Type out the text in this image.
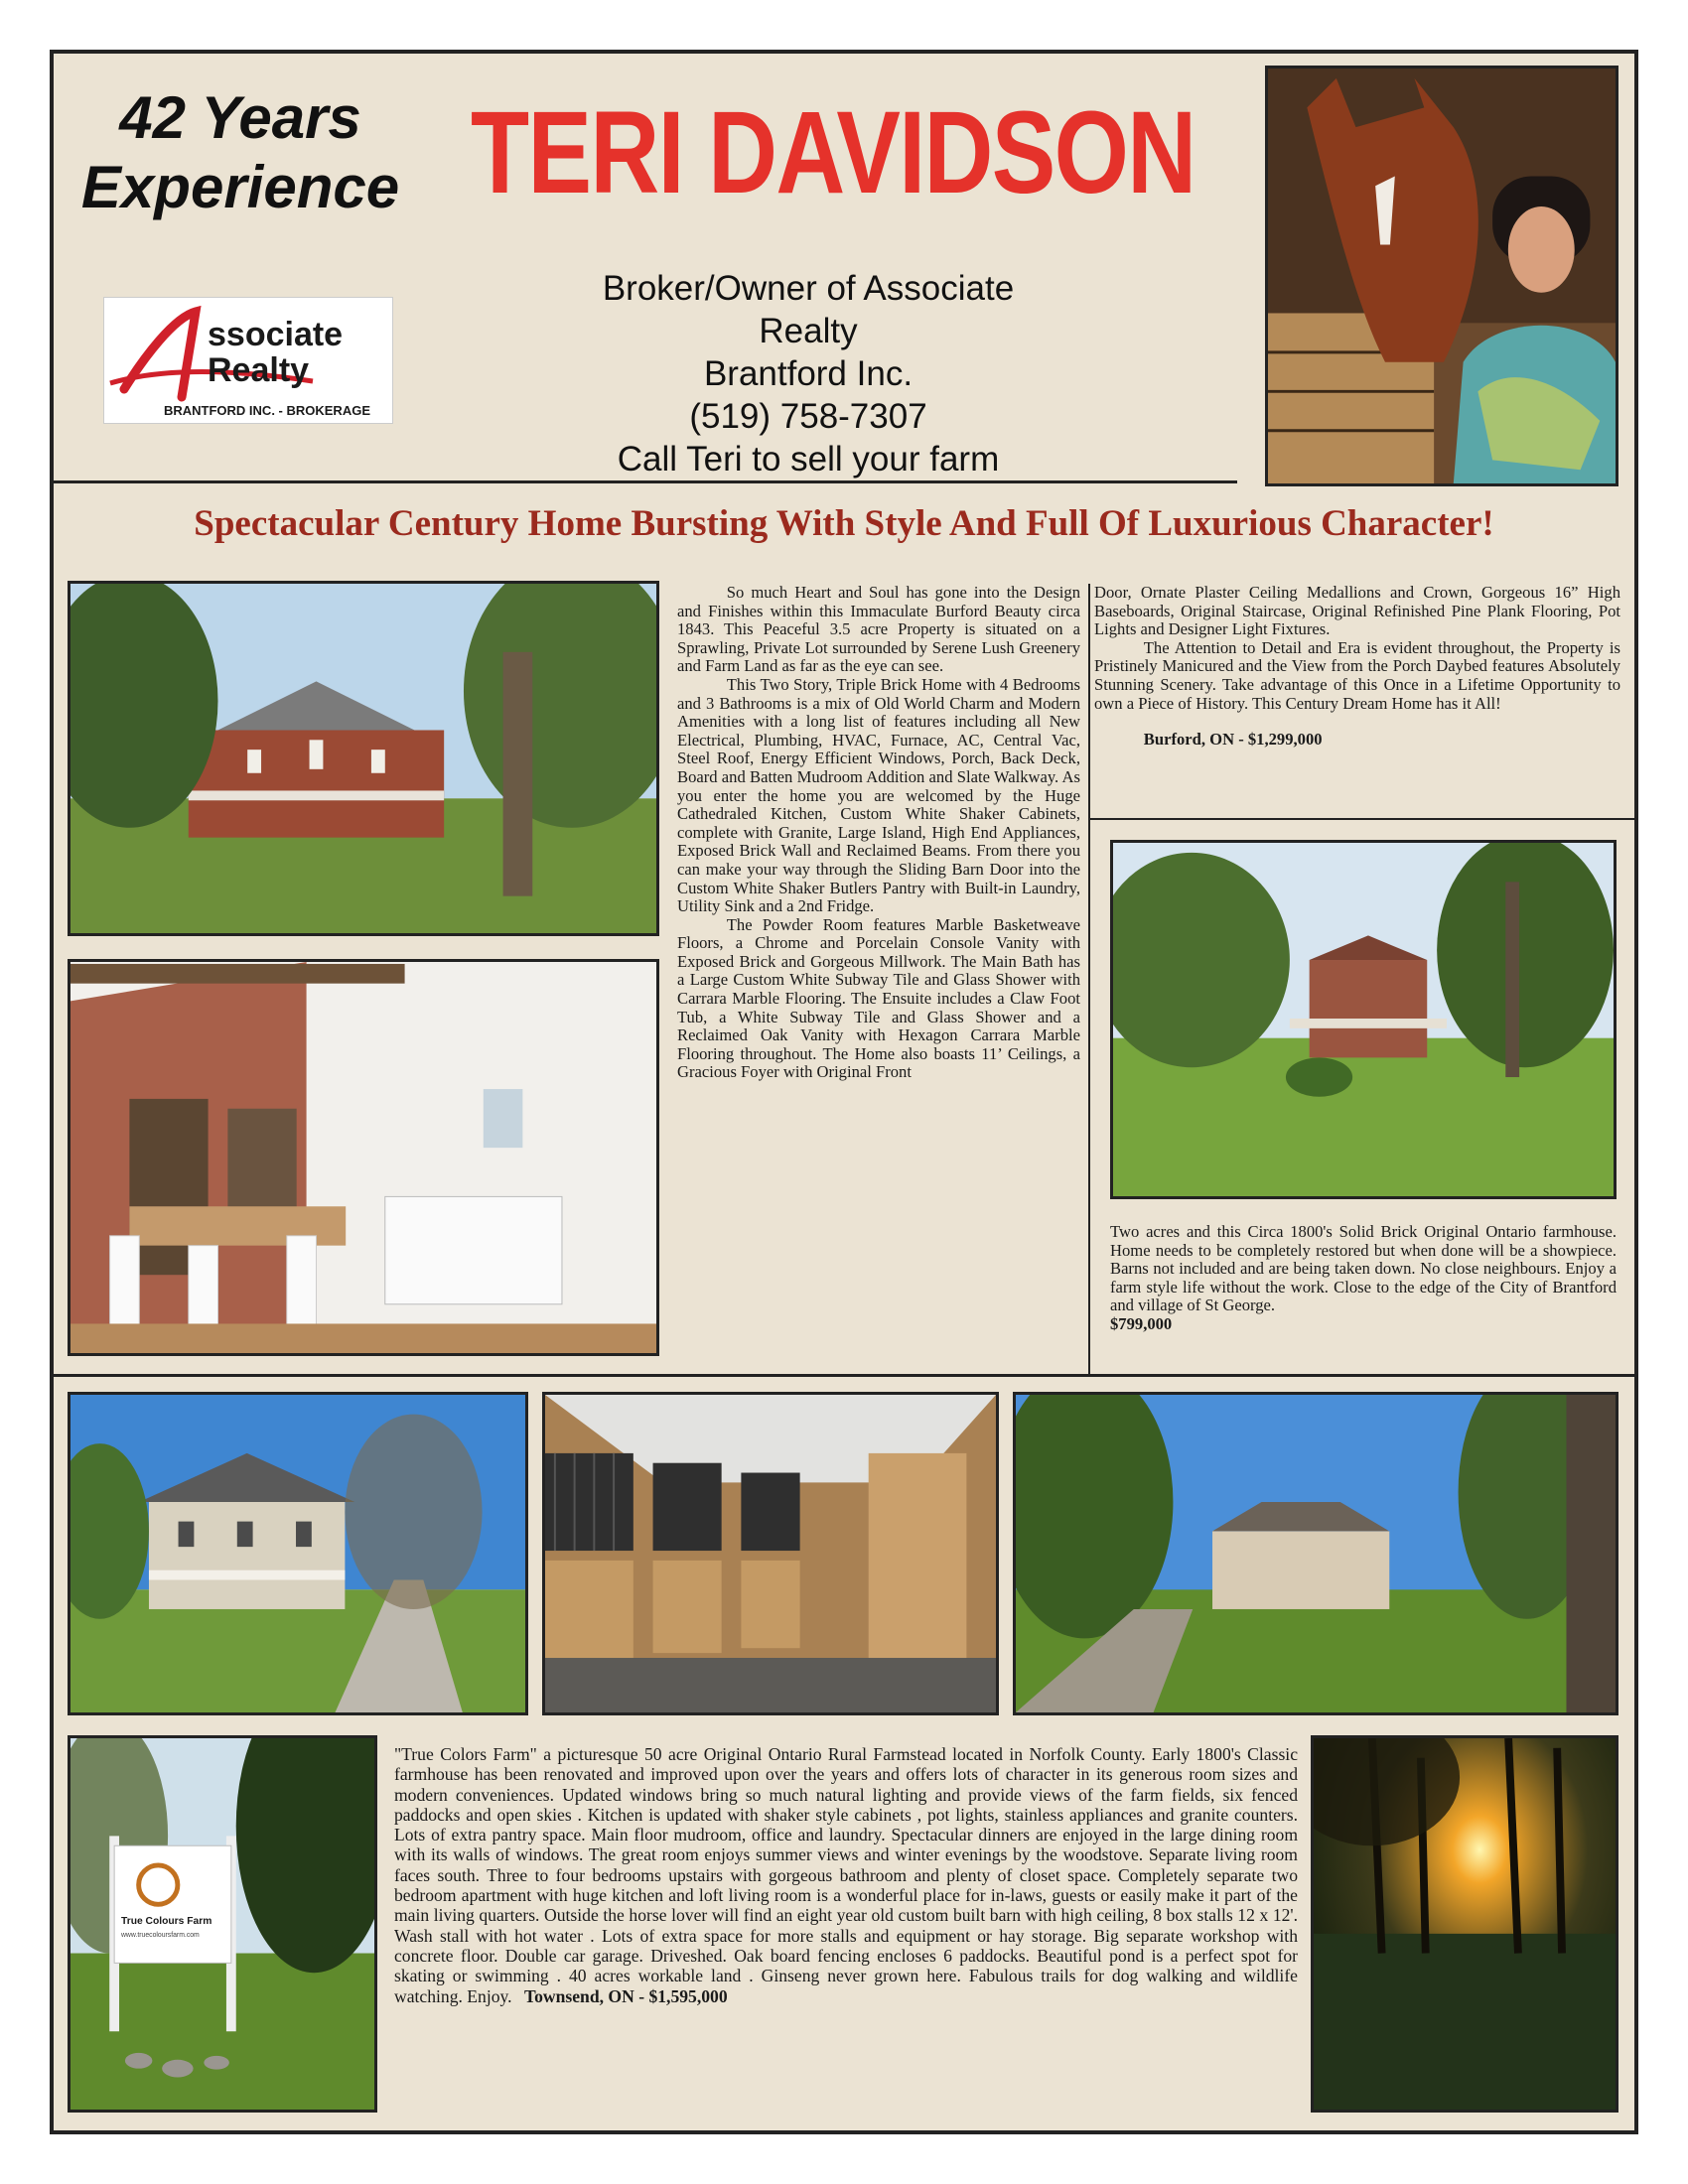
42 Years
Experience TERI DAVIDSON
ssociate
Realty
BRANTFORD INC. - BROKERAGE
Broker/Owner of Associate Realty
Brantford Inc.
(519) 758-7307
Call Teri to sell your farm
Spectacular Century Home Bursting With Style And Full Of Luxurious Character!

So much Heart and Soul has gone into the Design and Finishes within this Immaculate Burford Beauty circa 1843. This Peaceful 3.5 acre Property is situated on a Sprawling, Private Lot surrounded by Serene Lush Greenery and Farm Land as far as the eye can see.

This Two Story, Triple Brick Home with 4 Bedrooms and 3 Bathrooms is a mix of Old World Charm and Modern Amenities with a long list of features including all New Electrical, Plumbing, HVAC, Furnace, AC, Central Vac, Steel Roof, Energy Efficient Windows, Porch, Back Deck, Board and Batten Mudroom Addition and Slate Walkway. As you enter the home you are welcomed by the Huge Cathedraled Kitchen, Custom White Shaker Cabinets, complete with Granite, Large Island, High End Appliances, Exposed Brick Wall and Reclaimed Beams. From there you can make your way through the Sliding Barn Door into the Custom White Shaker Butlers Pantry with Built-in Laundry, Utility Sink and a 2nd Fridge.

The Powder Room features Marble Basketweave Floors, a Chrome and Porcelain Console Vanity with Exposed Brick and Gorgeous Millwork. The Main Bath has a Large Custom White Subway Tile and Glass Shower with Carrara Marble Flooring. The Ensuite includes a Claw Foot Tub, a White Subway Tile and Glass Shower and a Reclaimed Oak Vanity with Hexagon Carrara Marble Flooring throughout. The Home also boasts 11’ Ceilings, a Gracious Foyer with Original Front

Door, Ornate Plaster Ceiling Medallions and Crown, Gorgeous 16” High Baseboards, Original Staircase, Original Refinished Pine Plank Flooring, Pot Lights and Designer Light Fixtures.

The Attention to Detail and Era is evident throughout, the Property is Pristinely Manicured and the View from the Porch Daybed features Absolutely Stunning Scenery. Take advantage of this Once in a Lifetime Opportunity to own a Piece of History. This Century Dream Home has it All!

Burford, ON - $1,299,000

Two acres and this Circa 1800's Solid Brick Original Ontario farmhouse. Home needs to be completely restored but when done will be a showpiece. Barns not included and are being taken down. No close neighbours. Enjoy a farm style life without the work. Close to the edge of the City of Brantford and village of St George.
$799,000
True Colours Farm
www.truecoloursfarm.com
"True Colors Farm" a picturesque 50 acre Original Ontario Rural Farmstead located in Norfolk County. Early 1800's Classic farmhouse has been renovated and improved upon over the years and offers lots of character in its generous room sizes and modern conveniences. Updated windows bring so much natural lighting and provide views of the farm fields, six fenced paddocks and open skies . Kitchen is updated with shaker style cabinets , pot lights, stainless appliances and granite counters. Lots of extra pantry space. Main floor mudroom, office and laundry. Spectacular dinners are enjoyed in the large dining room with its walls of windows. The great room enjoys summer views and winter evenings by the woodstove. Separate living room faces south. Three to four bedrooms upstairs with gorgeous bathroom and plenty of closet space. Completely separate two bedroom apartment with huge kitchen and loft living room is a wonderful place for in-laws, guests or easily make it part of the main living quarters. Outside the horse lover will find an eight year old custom built barn with high ceiling, 8 box stalls 12 x 12'. Wash stall with hot water . Lots of extra space for more stalls and equipment or hay storage. Big separate workshop with concrete floor. Double car garage. Driveshed. Oak board fencing encloses 6 paddocks. Beautiful pond is a perfect spot for skating or swimming . 40 acres workable land . Ginseng never grown here. Fabulous trails for dog walking and wildlife watching. Enjoy. Townsend, ON - $1,595,000
